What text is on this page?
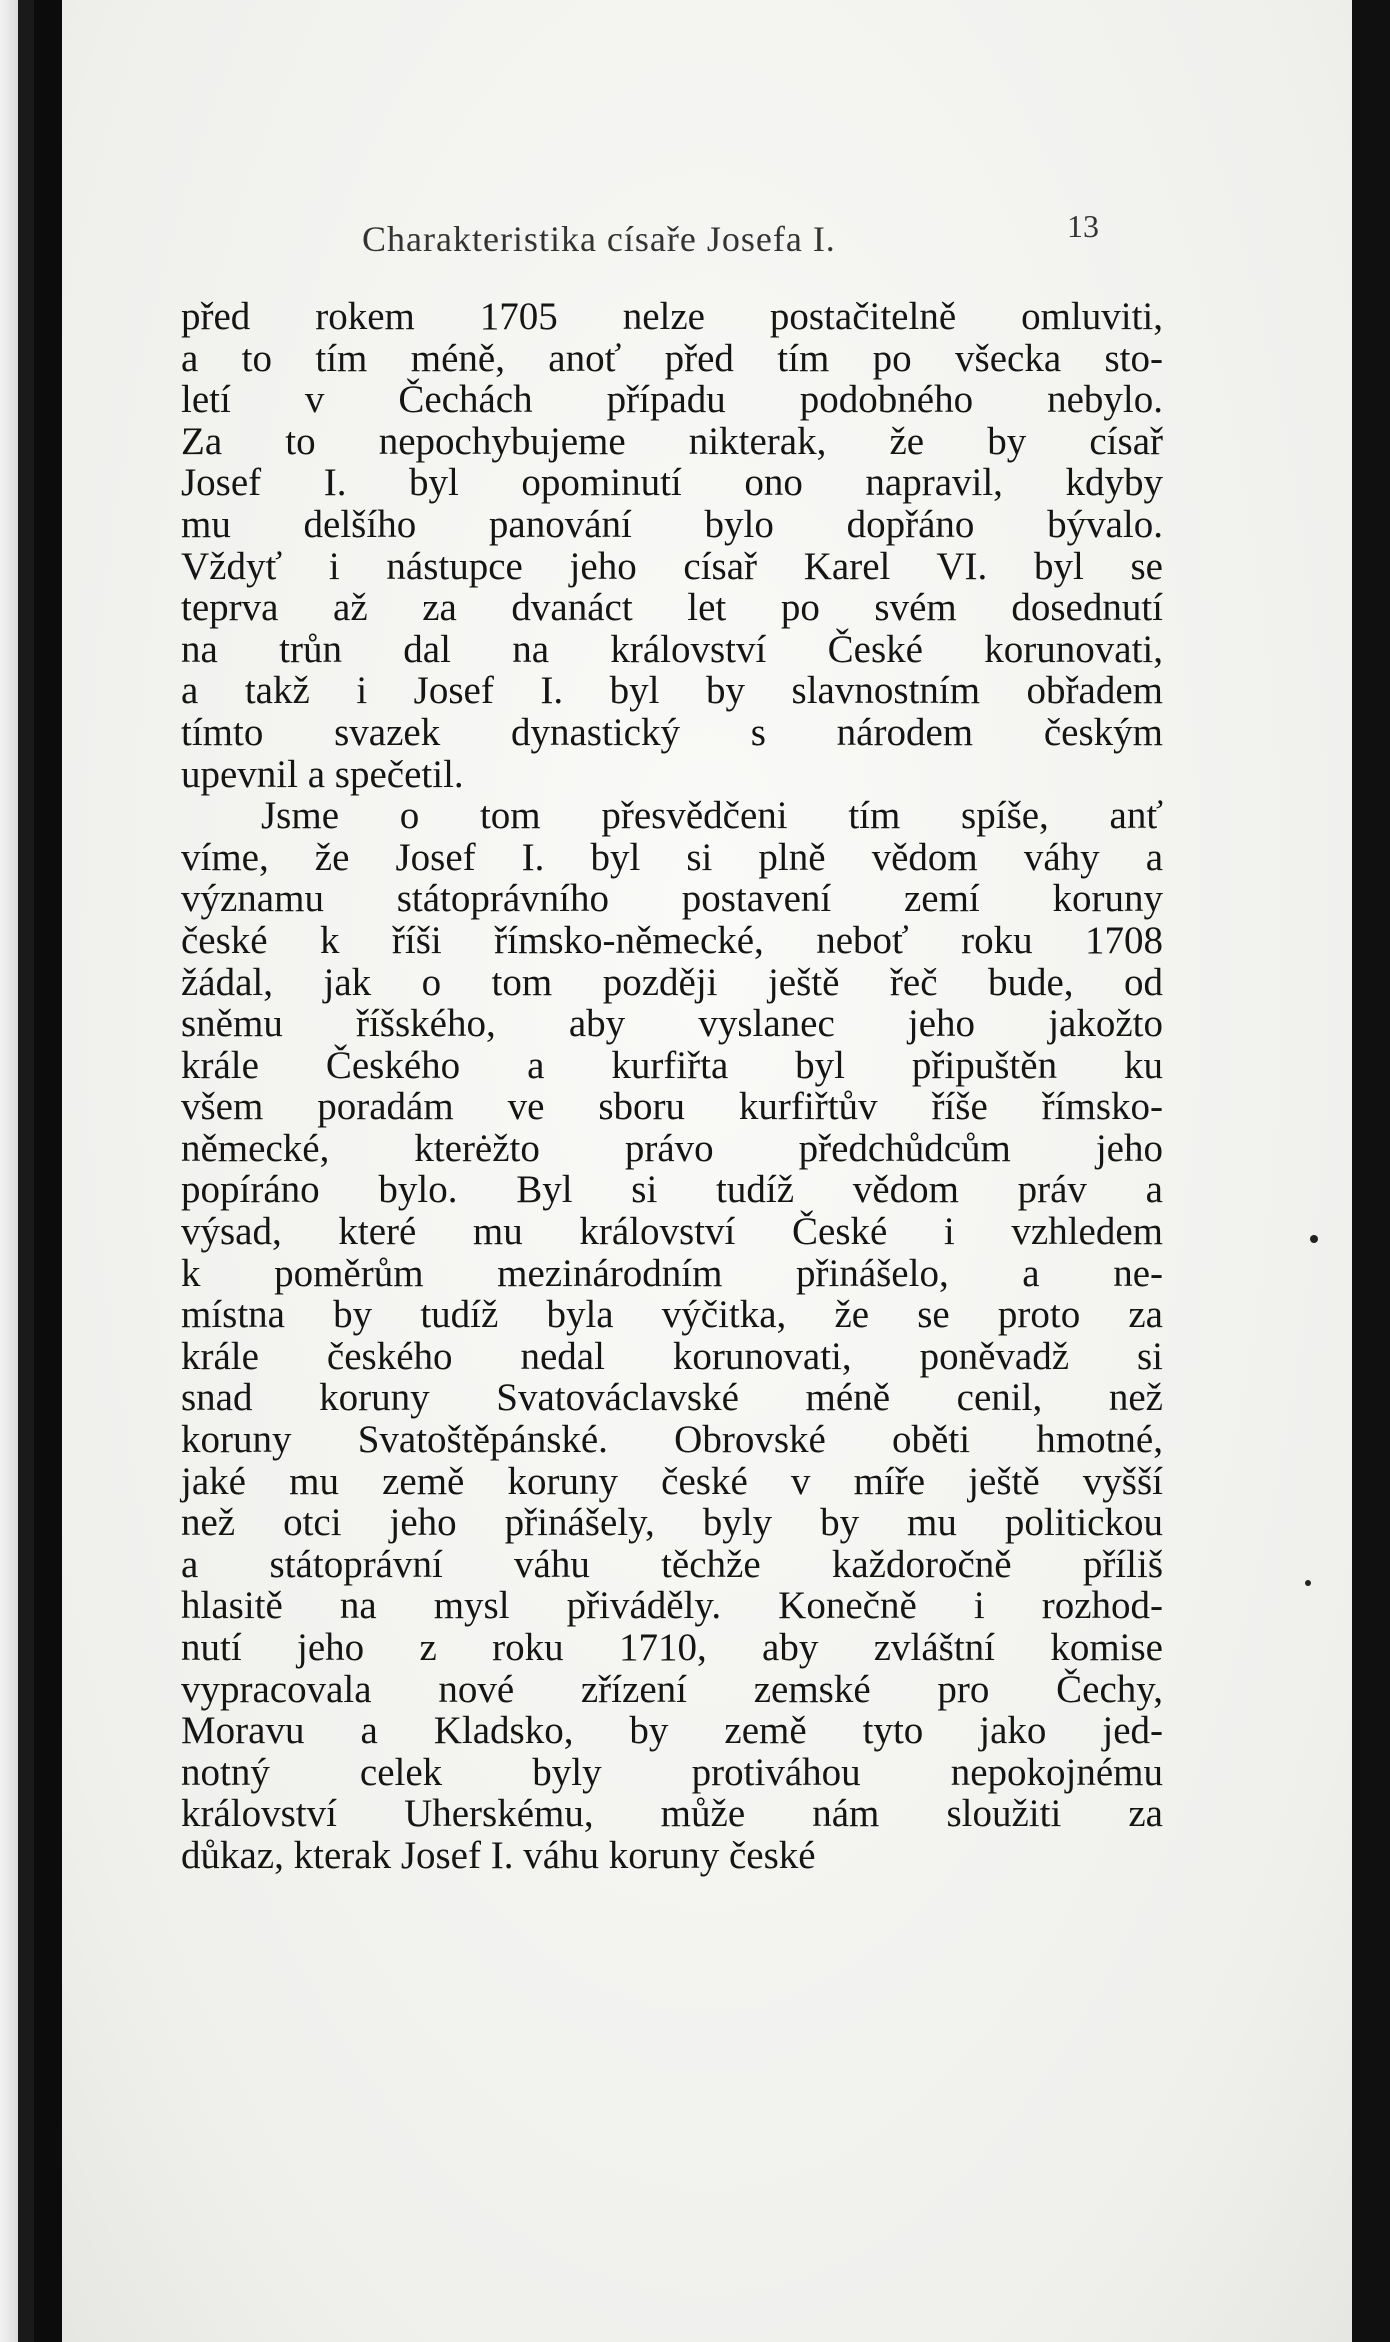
Charakteristika císaře Josefa I.	13
před rokem 1705 nelze postačitelně omluviti,
a to tím méně, anoť před tím po všecka sto-
letí v Čechách případu podobného nebylo.
Za to nepochybujeme nikterak, že by císař
Josef I. byl opominutí ono napravil, kdyby
mu delšího panování bylo dopřáno bývalo.
Vždyť i nástupce jeho císař Karel VI. byl se
teprva až za dvanáct let po svém dosednutí
na trůn dal na království České korunovati,
a takž i Josef I. byl by slavnostním obřadem
tímto svazek dynastický s národem českým
upevnil a spečetil.
Jsme o tom přesvědčeni tím spíše, anť
víme, že Josef I. byl si plně vědom váhy a
významu státoprávního postavení zemí koruny
české k říši římsko-německé, neboť roku 1708
žádal, jak o tom později ještě řeč bude, od
sněmu říšského, aby vyslanec jeho jakožto
krále Českého a kurfiřta byl připuštěn ku
všem poradám ve sboru kurfiřtův říše římsko-
německé, kterėžto právo předchůdcům jeho
popíráno bylo. Byl si tudíž vědom práv a
výsad, které mu království České i vzhledem
k poměrům mezinárodním přinášelo, a ne-
místna by tudíž byla výčitka, že se proto za
krále českého nedal korunovati, poněvadž si
snad koruny Svatováclavské méně cenil, než
koruny Svatoštěpánské. Obrovské oběti hmotné,
jaké mu země koruny české v míře ještě vyšší
než otci jeho přinášely, byly by mu politickou
a státoprávní váhu těchže každoročně příliš
hlasitě na mysl přiváděly. Konečně i rozhod-
nutí jeho z roku 1710, aby zvláštní komise
vypracovala nové zřízení zemské pro Čechy,
Moravu a Kladsko, by země tyto jako jed-
notný celek byly protiváhou nepokojnému
království Uherskému, může nám sloužiti za
důkaz, kterak Josef I. váhu koruny české
